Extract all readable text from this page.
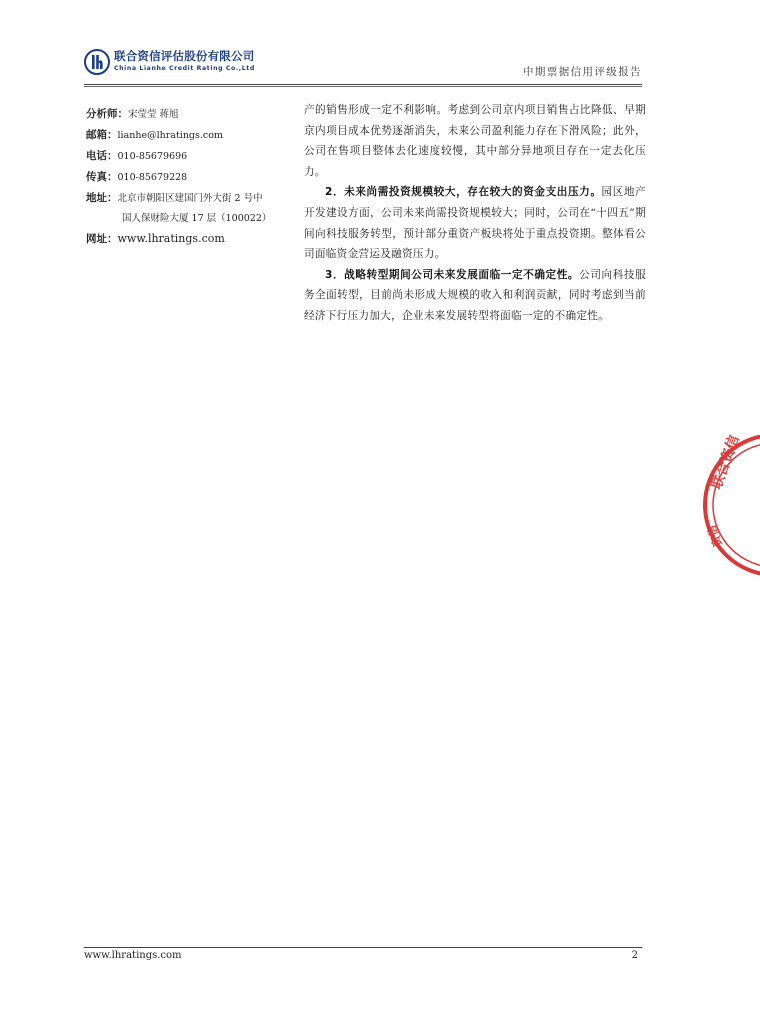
联合资信评估股份有限公司
China Lianhe Credit Rating Co.,Ltd	中期票据信用评级报告
分析师：宋莹莹 蒋旭
邮箱：lianhe@lhratings.com
电话：010-85679696
传真：010-85679228
地址：北京市朝阳区建国门外大街 2 号中
国人保财险大厦 17 层（100022）
网址：www.lhratings.com

产的销售形成一定不利影响。考虑到公司京内项目销售占比降低、早期京内项目成本优势逐渐消失，未来公司盈利能力存在下滑风险；此外，公司在售项目整体去化速度较慢，其中部分异地项目存在一定去化压力。

2．未来尚需投资规模较大，存在较大的资金支出压力。园区地产开发建设方面，公司未来尚需投资规模较大；同时，公司在“十四五”期间向科技服务转型，预计部分重资产板块将处于重点投资期。整体看公司面临资金营运及融资压力。

3．战略转型期间公司未来发展面临一定不确定性。公司向科技服务全面转型，目前尚未形成大规模的收入和利润贡献，同时考虑到当前经济下行压力加大，企业未来发展转型将面临一定的不确定性。

联合资信
资信
www.lhratings.com	2
